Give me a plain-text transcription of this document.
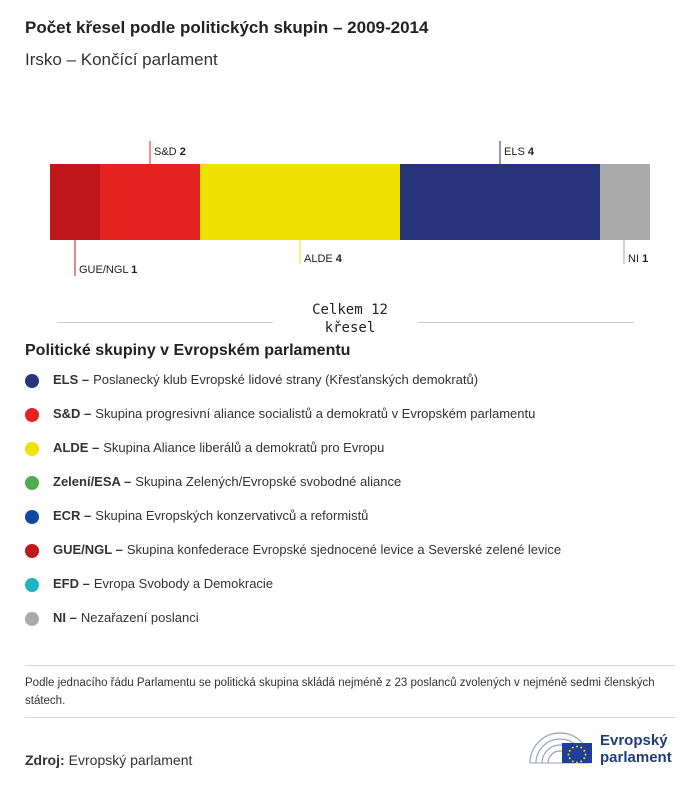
Počet křesel podle politických skupin – 2009-2014
Irsko – Končící parlament
GUE/NGL 1
S&D 2
ALDE 4
ELS 4
NI 1
Celkem 12
křesel
Politické skupiny v Evropském parlamentu
ELS – Poslanecký klub Evropské lidové strany (Křesťanských demokratů)
S&D – Skupina progresivní aliance socialistů a demokratů v Evropském parlamentu
ALDE – Skupina Aliance liberálů a demokratů pro Evropu
Zelení/ESA – Skupina Zelených/Evropské svobodné aliance
ECR – Skupina Evropských konzervativců a reformistů
GUE/NGL – Skupina konfederace Evropské sjednocené levice a Severské zelené levice
EFD – Evropa Svobody a Demokracie
NI – Nezařazení poslanci
Podle jednacího řádu Parlamentu se politická skupina skládá nejméně z 23 poslanců zvolených v nejméně sedmi členských státech.
Zdroj: Evropský parlament
Evropský
parlament
